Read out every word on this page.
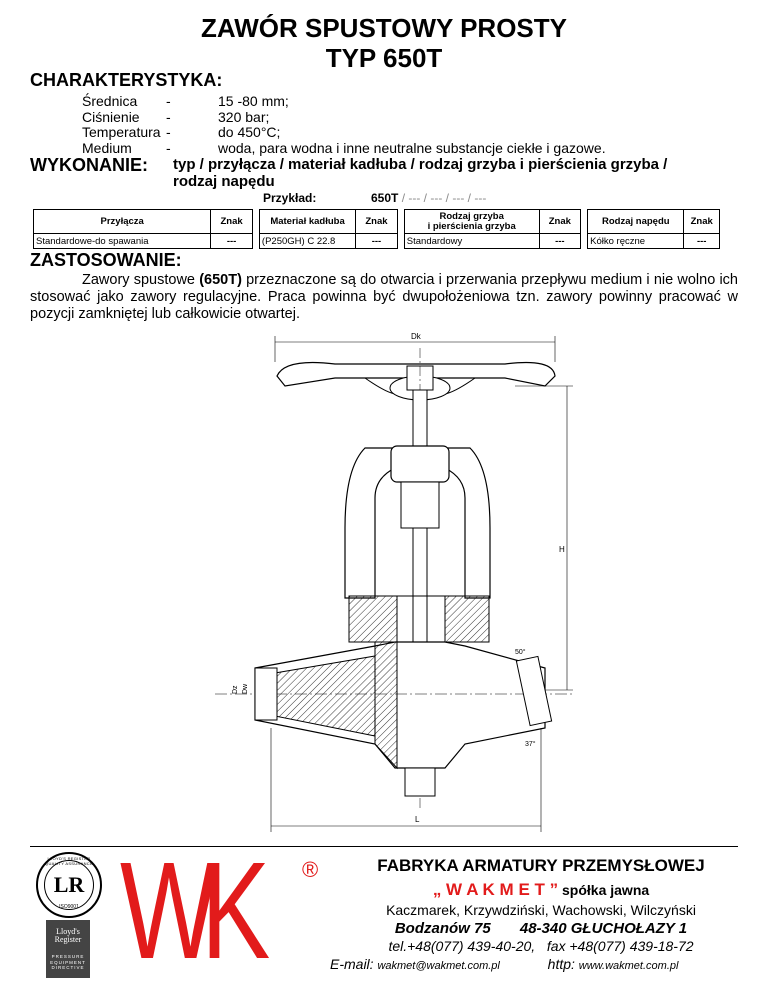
ZAWÓR SPUSTOWY PROSTY
TYP 650T
CHARAKTERYSTYKA:
Średnica -	15 -80 mm;
Ciśnienie -	320 bar;
Temperatura -	do 450°C;
Medium -	woda, para wodna i inne neutralne substancje ciekłe i gazowe.
WYKONANIE: typ / przyłącza / materiał kadłuba / rodzaj grzyba i pierścienia grzyba /
rodzaj napędu
Przykład:	650T / --- / --- / --- / ---
Przyłącza	Znak		Materiał kadłuba	Znak		Rodzaj grzyba
i pierścienia grzyba	Znak		Rodzaj napędu	Znak
Standardowe-do spawania	---		(P250GH) C 22.8	---		Standardowy	---		Kółko ręczne	---
ZASTOSOWANIE:
Zawory spustowe (650T) przeznaczone są do otwarcia i przerwania przepływu medium i nie wolno ich stosować jako zawory regulacyjne. Praca powinna być dwupołożeniowa tzn. zawory powinny pracować w pozycji zamkniętej lub całkowicie otwartej.
Dk
H
L
Dz Dw
50°
37°
LLOYD'S REGISTER QUALITY ASSURANCE
LR
ISO9001
Lloyd's
Register
PRESSURE
EQUIPMENT
DIRECTIVE WK ®	FABRYKA ARMATURY PRZEMYSŁOWEJ
„ W A K M E T ” spółka jawna
Kaczmarek, Krzywdziński, Wachowski, Wilczyński
Bodzanów 75 48-340 GŁUCHOŁAZY 1
tel.+48(077) 439-40-20,   fax +48(077) 439-18-72
E-mail: wakmet@wakmet.com.pl	http: www.wakmet.com.pl
